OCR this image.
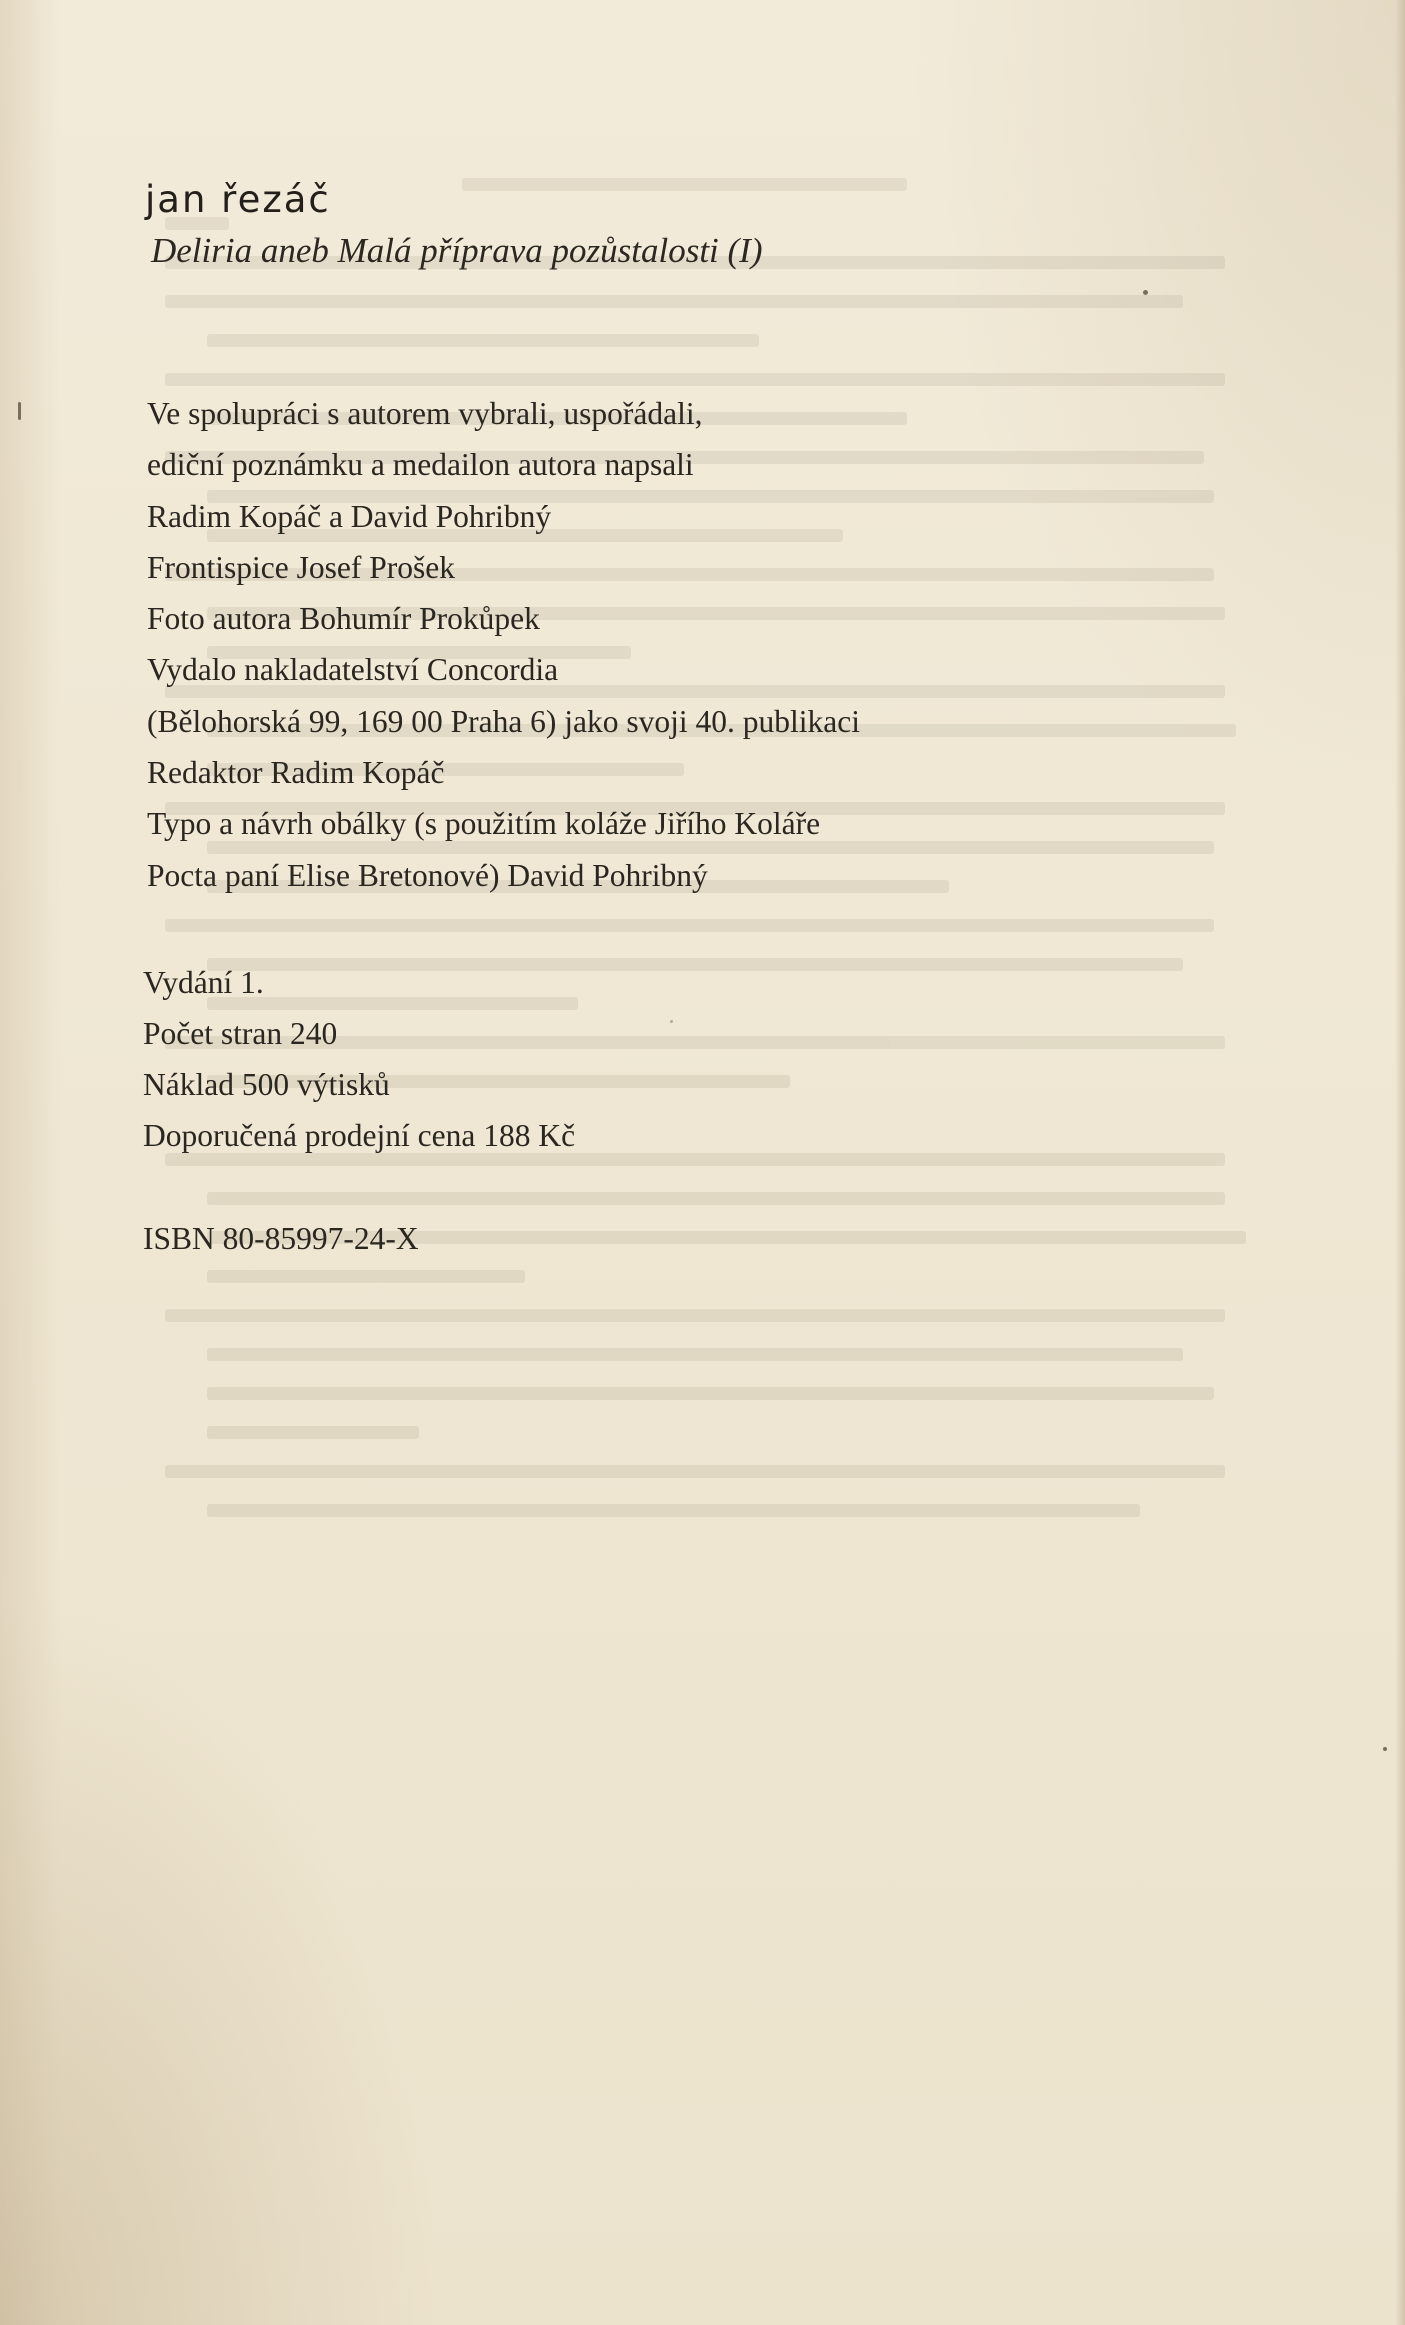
jan řezáč
Deliria aneb Malá příprava pozůstalosti (I)
Ve spolupráci s autorem vybrali, uspořádali,
ediční poznámku a medailon autora napsali
Radim Kopáč a David Pohribný
Frontispice Josef Prošek
Foto autora Bohumír Prokůpek
Vydalo nakladatelství Concordia
(Bělohorská 99, 169 00 Praha 6) jako svoji 40. publikaci
Redaktor Radim Kopáč
Typo a návrh obálky (s použitím koláže Jiřího Koláře
Pocta paní Elise Bretonové) David Pohribný
Vydání 1.
Počet stran 240
Náklad 500 výtisků
Doporučená prodejní cena 188 Kč
ISBN 80-85997-24-X
